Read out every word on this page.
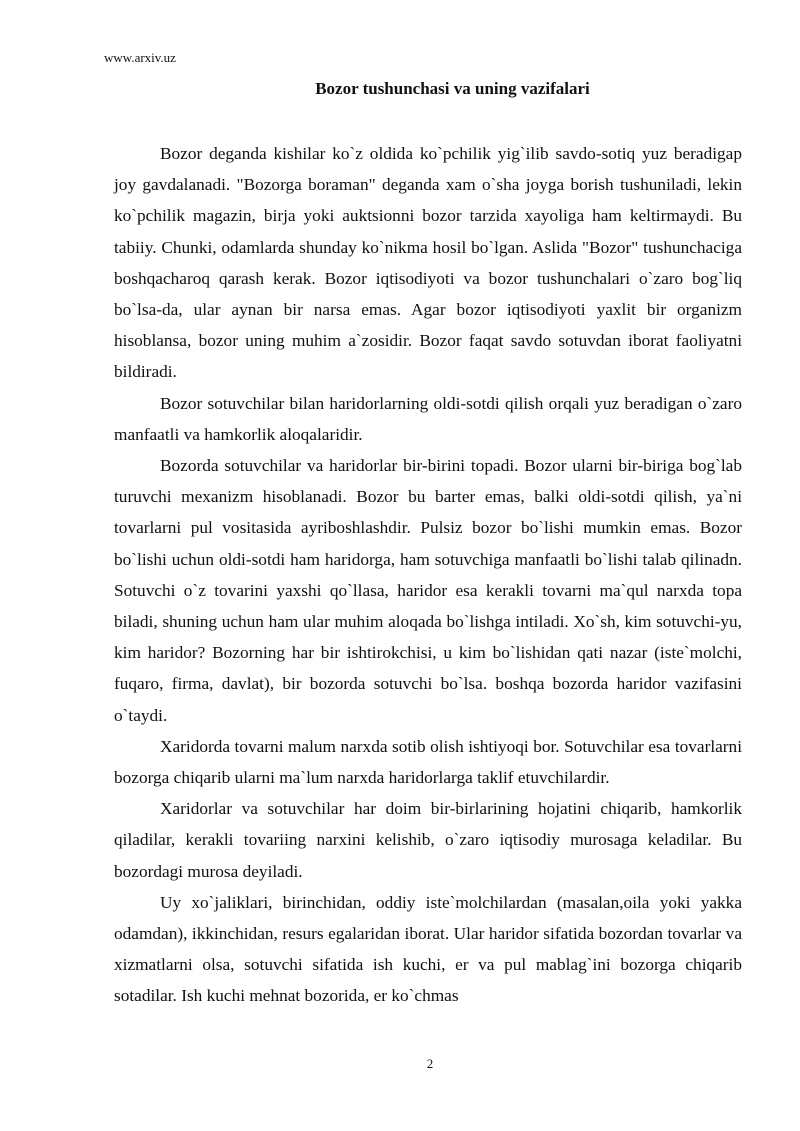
www.arxiv.uz
Bozor tushunchasi va uning vazifalari

Bozor deganda kishilar ko`z oldida ko`pchilik yig`ilib savdo-sotiq yuz beradigap joy gavdalanadi. "Bozorga boraman" deganda xam o`sha joyga borish tushuniladi, lekin ko`pchilik magazin, birja yoki auktsionni bozor tarzida xayoliga ham keltirmaydi. Bu tabiiy. Chunki, odamlarda shunday ko`nikma hosil bo`lgan. Aslida "Bozor" tushunchaciga boshqacharoq qarash kerak. Bozor iqtisodiyoti va bozor tushunchalari o`zaro bog`liq bo`lsa-da, ular aynan bir narsa emas. Agar bozor iqtisodiyoti yaxlit bir organizm hisoblansa, bozor uning muhim a`zosidir. Bozor faqat savdo sotuvdan iborat faoliyatni bildiradi.

Bozor sotuvchilar bilan haridorlarning oldi-sotdi qilish orqali yuz beradigan o`zaro manfaatli va hamkorlik aloqalaridir.

Bozorda sotuvchilar va haridorlar bir-birini topadi. Bozor ularni bir-biriga bog`lab turuvchi mexanizm hisoblanadi. Bozor bu barter emas, balki oldi-sotdi qilish, ya`ni tovarlarni pul vositasida ayriboshlashdir. Pulsiz bozor bo`lishi mumkin emas. Bozor bo`lishi uchun oldi-sotdi ham haridorga, ham sotuvchiga manfaatli bo`lishi talab qilinadn. Sotuvchi o`z tovarini yaxshi qo`llasa, haridor esa kerakli tovarni ma`qul narxda topa biladi, shuning uchun ham ular muhim aloqada bo`lishga intiladi. Xo`sh, kim sotuvchi-yu, kim haridor? Bozorning har bir ishtirokchisi, u kim bo`lishidan qati nazar (iste`molchi, fuqaro, firma, davlat), bir bozorda sotuvchi bo`lsa. boshqa bozorda haridor vazifasini o`taydi.

Xaridorda tovarni malum narxda sotib olish ishtiyoqi bor. Sotuvchilar esa tovarlarni bozorga chiqarib ularni ma`lum narxda haridorlarga taklif etuvchilardir.

Xaridorlar va sotuvchilar har doim bir-birlarining hojatini chiqarib, hamkorlik qiladilar, kerakli tovariing narxini kelishib, o`zaro iqtisodiy murosaga keladilar. Bu bozordagi murosa deyiladi.

Uy xo`jaliklari, birinchidan, oddiy iste`molchilardan (masalan,oila yoki yakka odamdan), ikkinchidan, resurs egalaridan iborat. Ular haridor sifatida bozordan tovarlar va xizmatlarni olsa, sotuvchi sifatida ish kuchi, er va pul mablag`ini bozorga chiqarib sotadilar. Ish kuchi mehnat bozorida, er ko`chmas

2
